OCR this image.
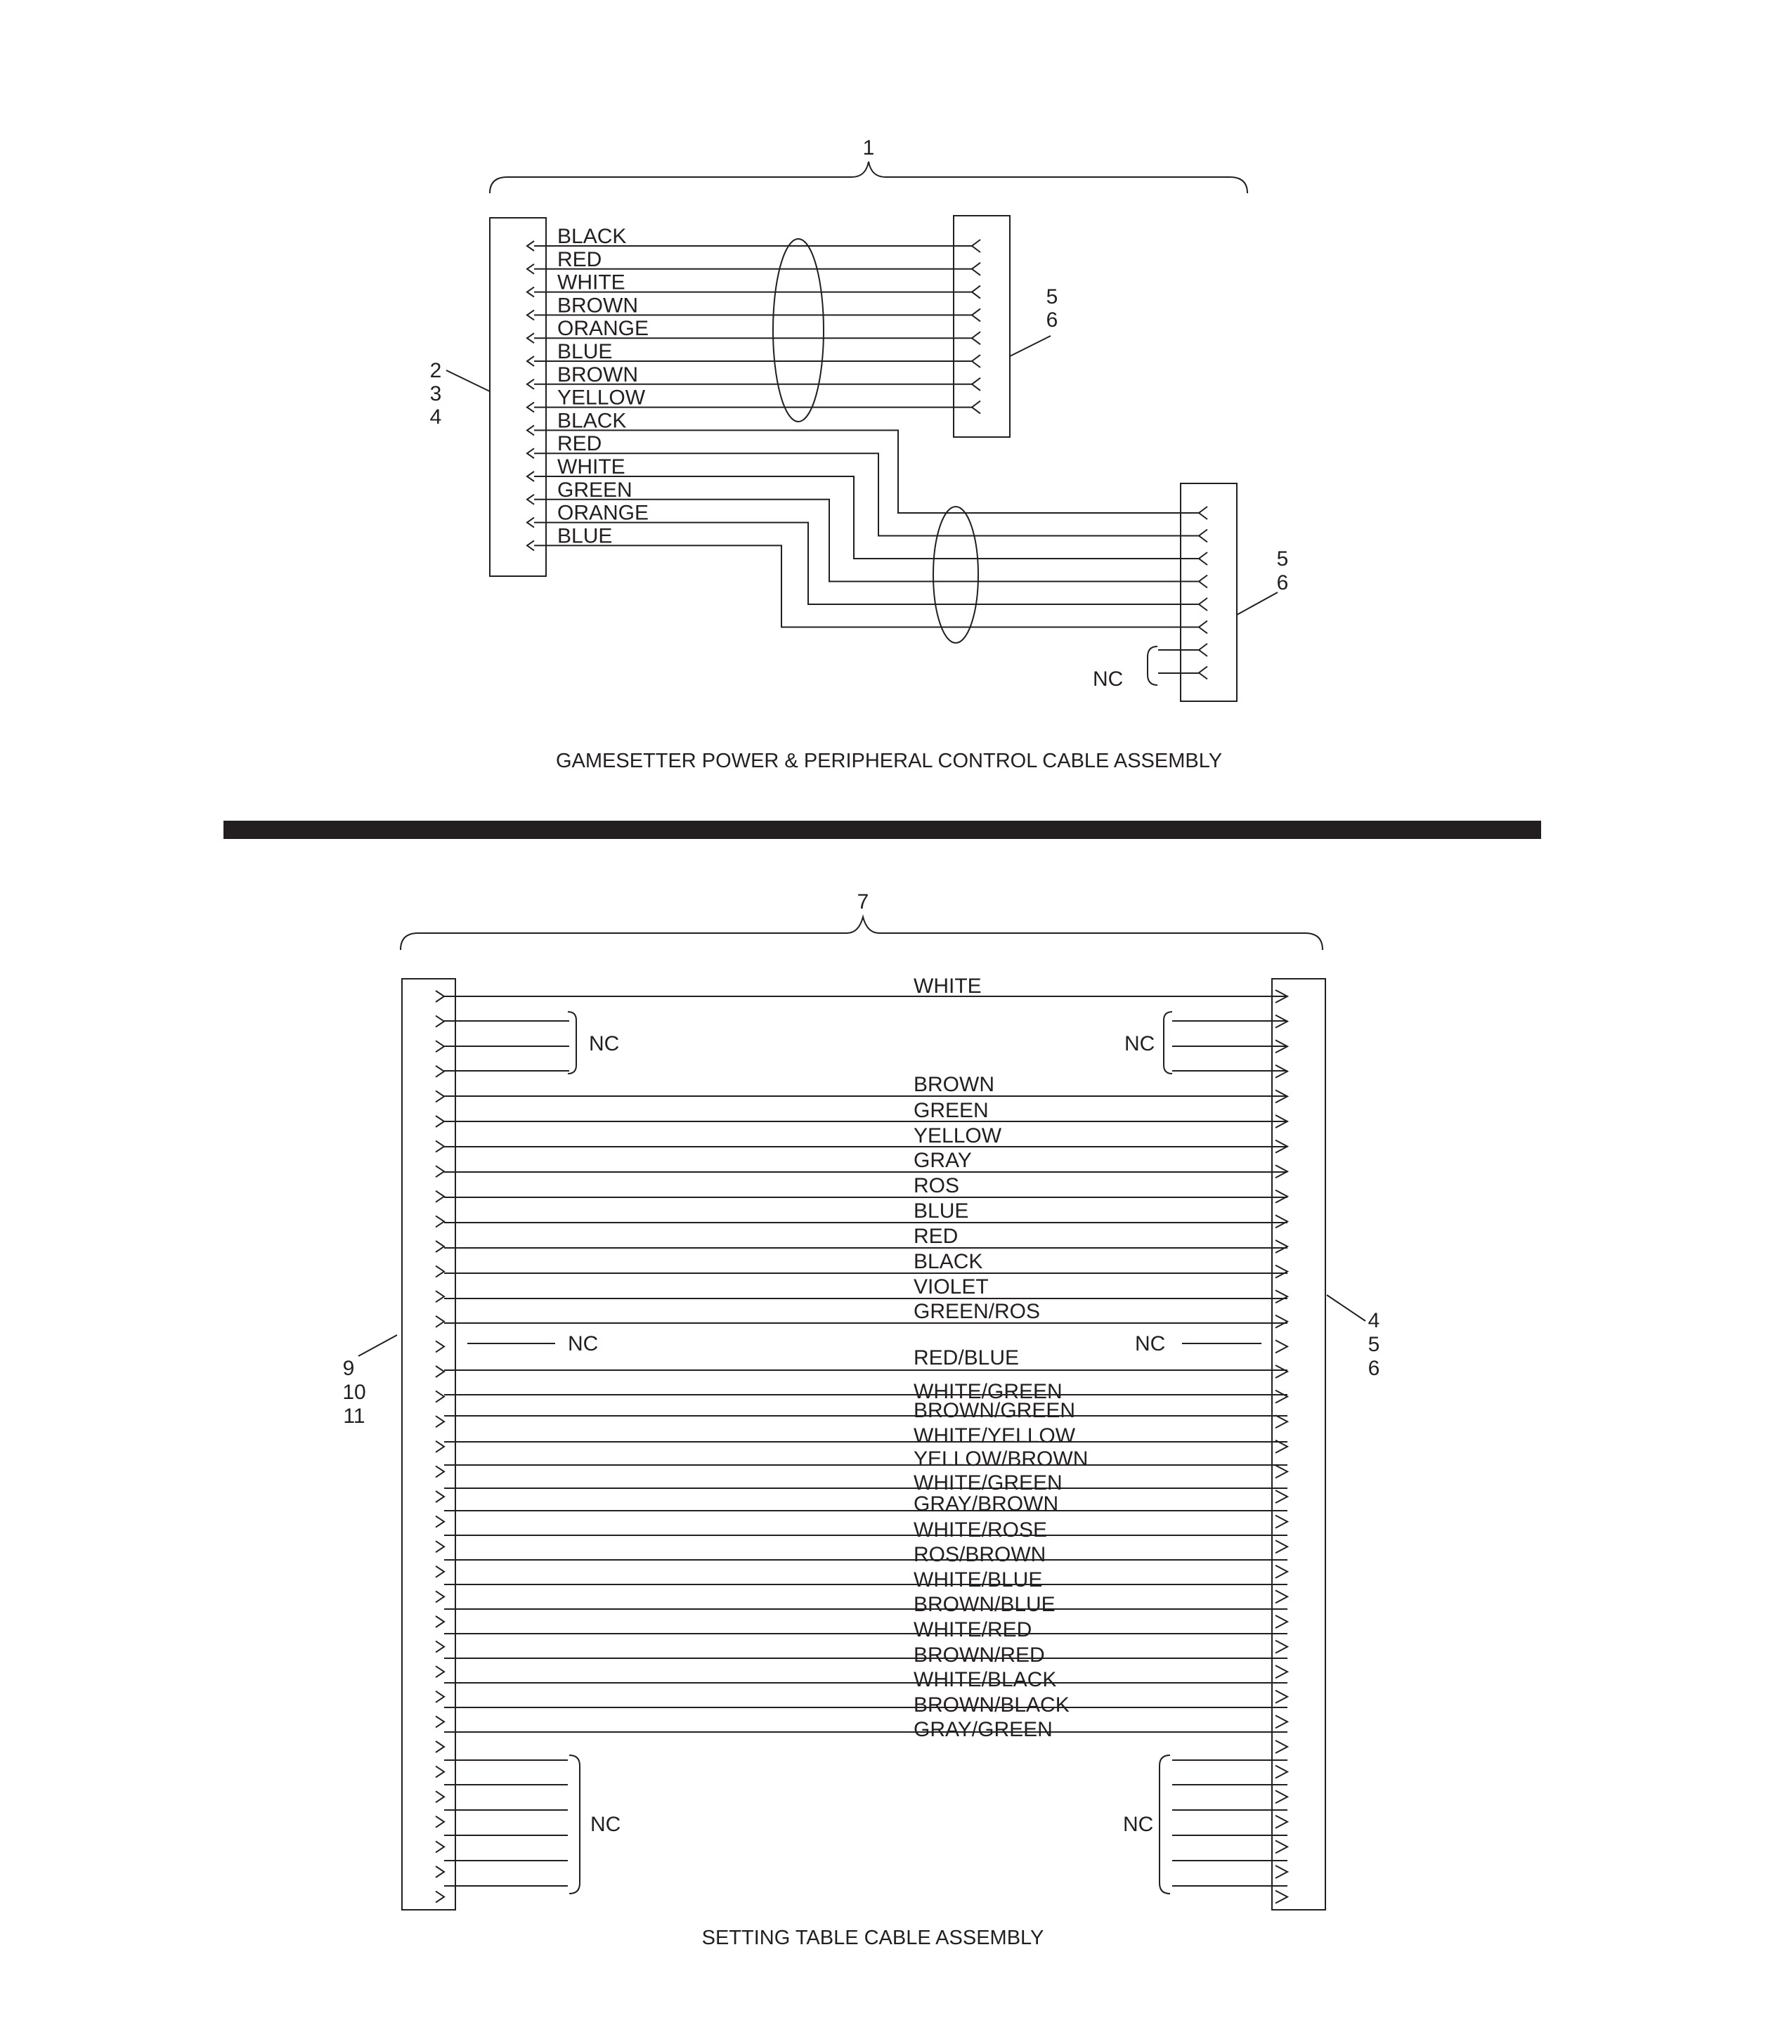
1
BLACK
RED
WHITE
BROWN
ORANGE
BLUE
BROWN
YELLOW
BLACK
RED
WHITE
GREEN
ORANGE
BLUE
2
3
4
5
6
5
6
NC
GAMESETTER POWER & PERIPHERAL CONTROL CABLE ASSEMBLY
7
WHITE
BROWN
GREEN
YELLOW
GRAY
ROS
BLUE
RED
BLACK
VIOLET
GREEN/ROS
RED/BLUE
WHITE/GREEN
BROWN/GREEN
WHITE/YELLOW
YELLOW/BROWN
WHITE/GREEN
GRAY/BROWN
WHITE/ROSE
ROS/BROWN
WHITE/BLUE
BROWN/BLUE
WHITE/RED
BROWN/RED
WHITE/BLACK
BROWN/BLACK
GRAY/GREEN
NC	NC
NC	NC
NC	NC
9
10
11
4
5
6
SETTING TABLE CABLE ASSEMBLY
